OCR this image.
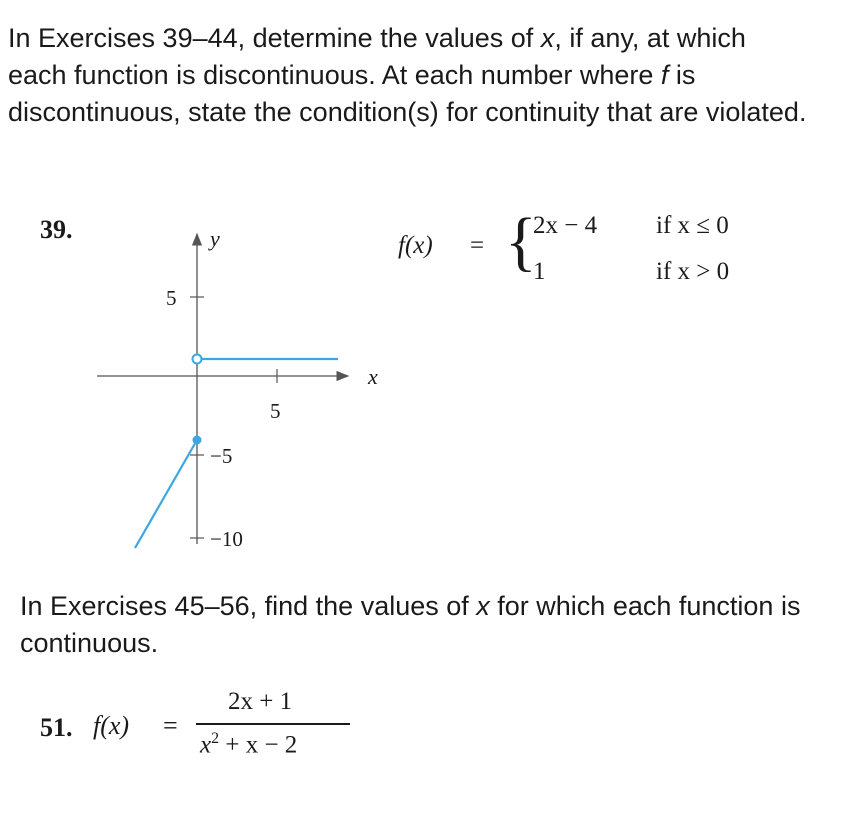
In Exercises 39–44, determine the values of x, if any, at which each function is discontinuous. At each number where f is discontinuous, state the condition(s) for continuity that are violated.

39.	y
x
5
5
−5
−10
f(x) = {
2x − 4 if x ≤ 0
1	if x > 0

In Exercises 45–56, find the values of x for which each function is continuous.

51. f(x) =
2x + 1
$x^2 + x - 2$
